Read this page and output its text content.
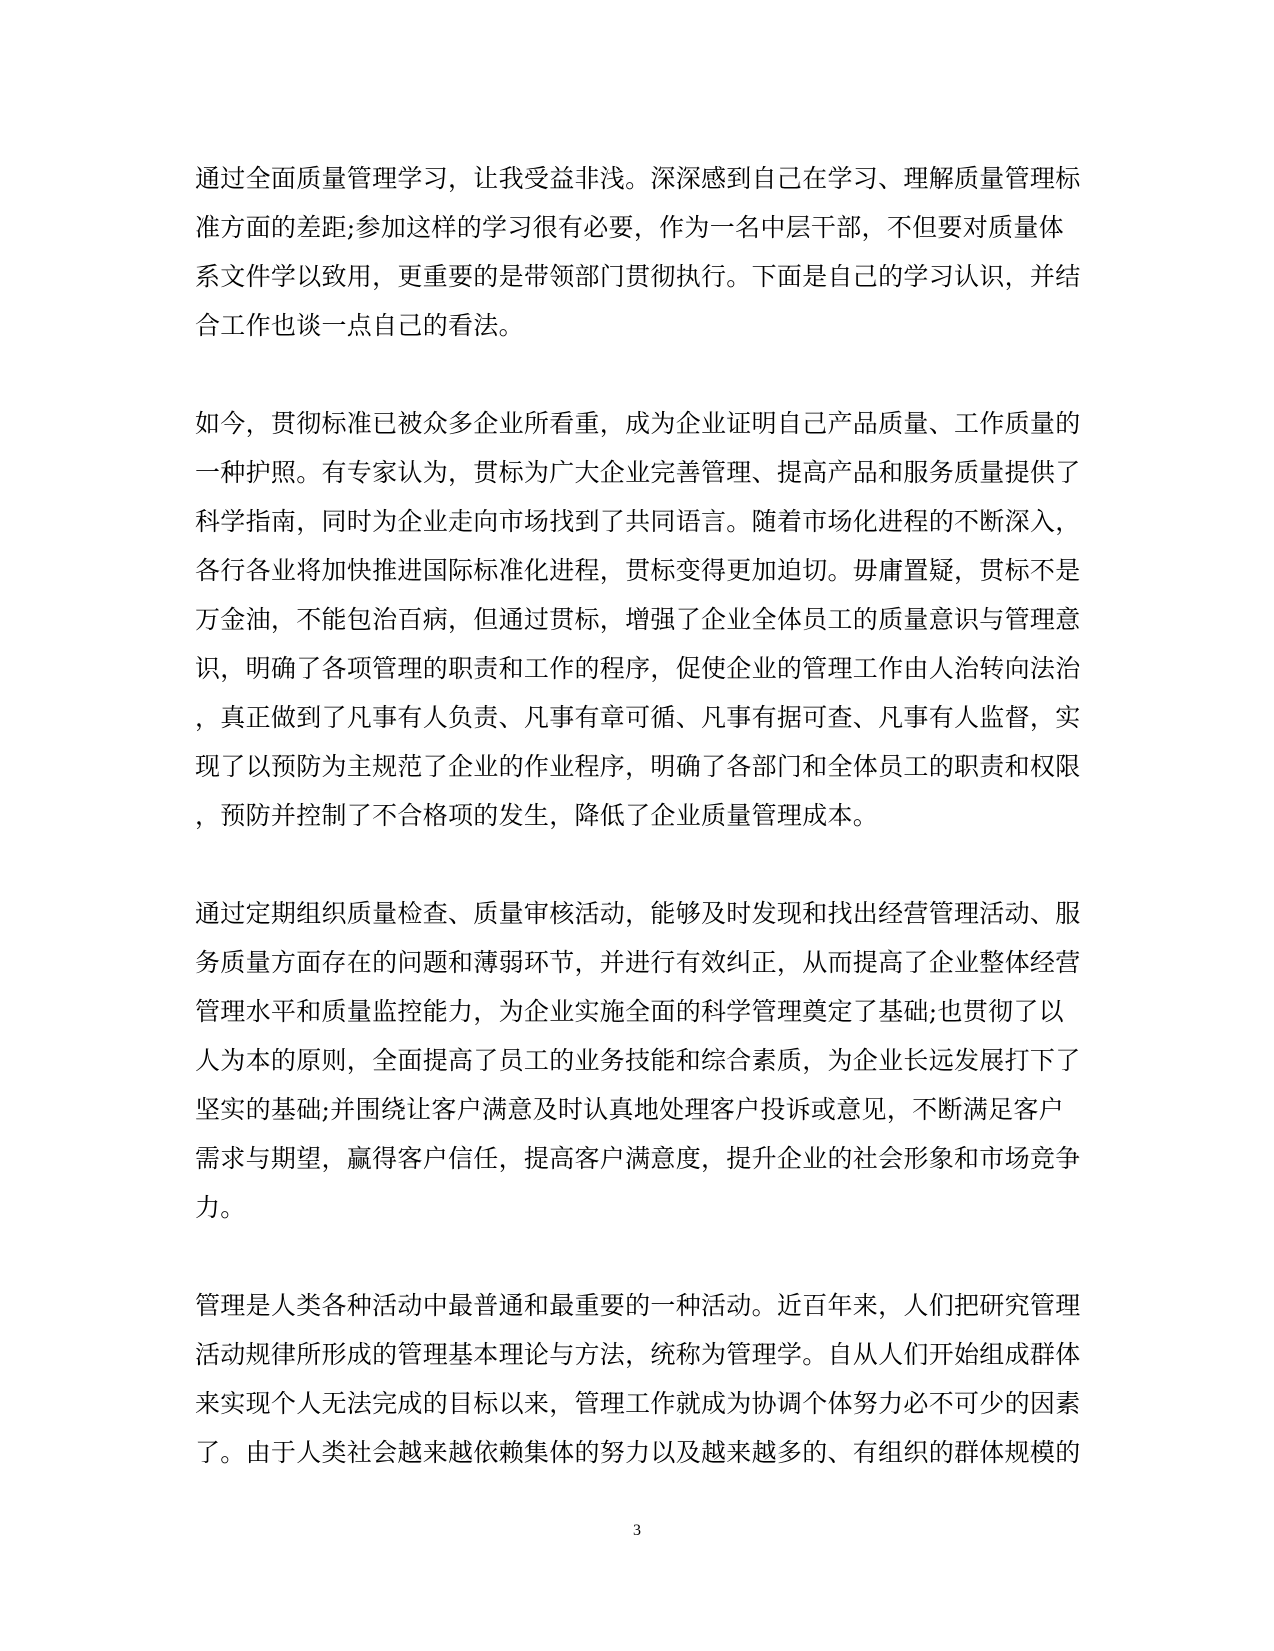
通过全面质量管理学习，让我受益非浅。深深感到自己在学习、理解质量管理标
准方面的差距;参加这样的学习很有必要，作为一名中层干部，不但要对质量体
系文件学以致用，更重要的是带领部门贯彻执行。下面是自己的学习认识，并结
合工作也谈一点自己的看法。

如今，贯彻标准已被众多企业所看重，成为企业证明自己产品质量、工作质量的
一种护照。有专家认为，贯标为广大企业完善管理、提高产品和服务质量提供了
科学指南，同时为企业走向市场找到了共同语言。随着市场化进程的不断深入，
各行各业将加快推进国际标准化进程，贯标变得更加迫切。毋庸置疑，贯标不是
万金油，不能包治百病，但通过贯标，增强了企业全体员工的质量意识与管理意
识，明确了各项管理的职责和工作的程序，促使企业的管理工作由人治转向法治
，真正做到了凡事有人负责、凡事有章可循、凡事有据可查、凡事有人监督，实
现了以预防为主规范了企业的作业程序，明确了各部门和全体员工的职责和权限
，预防并控制了不合格项的发生，降低了企业质量管理成本。

通过定期组织质量检查、质量审核活动，能够及时发现和找出经营管理活动、服
务质量方面存在的问题和薄弱环节，并进行有效纠正，从而提高了企业整体经营
管理水平和质量监控能力，为企业实施全面的科学管理奠定了基础;也贯彻了以
人为本的原则，全面提高了员工的业务技能和综合素质，为企业长远发展打下了
坚实的基础;并围绕让客户满意及时认真地处理客户投诉或意见，不断满足客户
需求与期望，赢得客户信任，提高客户满意度，提升企业的社会形象和市场竞争
力。

管理是人类各种活动中最普通和最重要的一种活动。近百年来，人们把研究管理
活动规律所形成的管理基本理论与方法，统称为管理学。自从人们开始组成群体
来实现个人无法完成的目标以来，管理工作就成为协调个体努力必不可少的因素
了。由于人类社会越来越依赖集体的努力以及越来越多的、有组织的群体规模的

3
